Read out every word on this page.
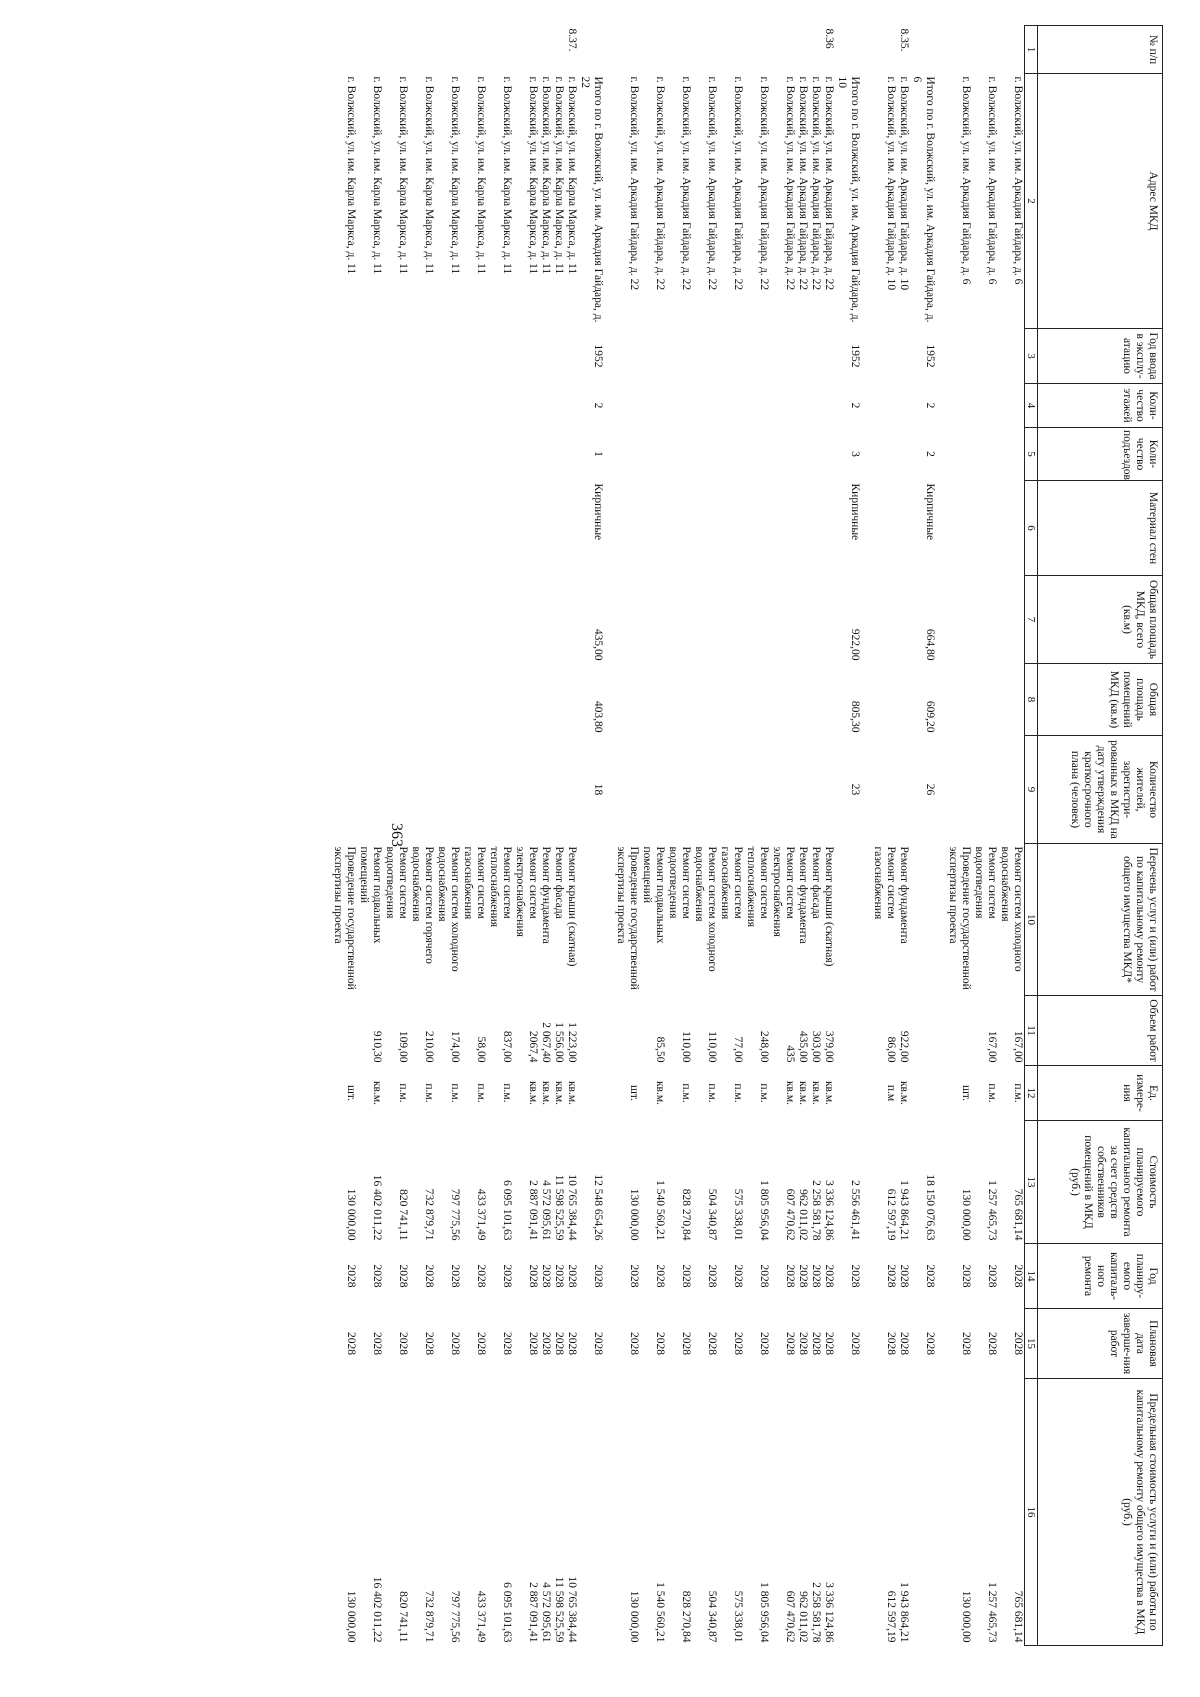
№ п/п	Адрес МКД	Год ввода в эксплу-атацию	Коли-чество этажей	Коли-чество подъездов	Материал стен	Общая площадь МКД, всего (кв.м)	Общая площадь помещений МКД (кв.м)	Количество жителей, зарегистри-рованных в МКД на дату утверждения краткосрочного плана (человек)	Перечень услуг и (или) работ по капитальному ремонту общего имущества МКД*	Объем работ	Ед. измере-ния	Стоимость планируемого капитального ремонта за счет средств собственников помещений в МКД (руб.)	Год планиру-емого капиталь-ного ремонта	Плановая дата заверше-ния работ	Предельная стоимость услуги и (или) работы по капитальному ремонту общего имущества в МКД (руб.)
1	2	3	4	5	6	7	8	9	10	11	12	13	14	15	16
	г. Волжский, ул. им. Аркадия Гайдара, д. 6								Ремонт систем холодного водоснабжения	167,00	п.м.	765 681,14	2028	2028	765 681,14
	г. Волжский, ул. им. Аркадия Гайдара, д. 6								Ремонт систем водоотведения	167,00	п.м.	1 257 465,73	2028	2028	1 257 465,73
	г. Волжский, ул. им. Аркадия Гайдара, д. 6								Проведение государственной экспертизы проекта		шт.	130 000,00	2028	2028	130 000,00
	Итого по г. Волжский, ул. им. Аркадия Гайдара, д. 6	1952	2	2	Кирпичные	664,80	609,20	26				18 150 076,63	2028	2028	
8.35.	г. Волжский, ул. им. Аркадия Гайдара, д. 10								Ремонт фундамента	922,00	кв.м.	1 943 864,21	2028	2028	1 943 864,21
	г. Волжский, ул. им. Аркадия Гайдара, д. 10								Ремонт систем газоснабжения	86,00	п.м	612 597,19	2028	2028	612 597,19
	Итого по г. Волжский, ул. им. Аркадия Гайдара, д. 10	1952	2	3	Кирпичные	922,00	805,30	23				2 556 461,41	2028	2028	
8.36	г. Волжский, ул. им. Аркадия Гайдара, д. 22								Ремонт крыши (скатная)	379,00	кв.м.	3 336 124,86	2028	2028	3 336 124,86
	г. Волжский, ул. им. Аркадия Гайдара, д. 22								Ремонт фасада	303,00	кв.м.	2 258 581,78	2028	2028	2 258 581,78
	г. Волжский, ул. им. Аркадия Гайдара, д. 22								Ремонт фундамента	435,00	кв.м.	962 011,02	2028	2028	962 011,02
	г. Волжский, ул. им. Аркадия Гайдара, д. 22								Ремонт систем электроснабжения	435	кв.м.	607 470,62	2028	2028	607 470,62
	г. Волжский, ул. им. Аркадия Гайдара, д. 22								Ремонт систем теплоснабжения	248,00	п.м.	1 805 956,04	2028	2028	1 805 956,04
	г. Волжский, ул. им. Аркадия Гайдара, д. 22								Ремонт систем газоснабжения	77,00	п.м.	575 338,01	2028	2028	575 338,01
	г. Волжский, ул. им. Аркадия Гайдара, д. 22								Ремонт систем холодного водоснабжения	110,00	п.м.	504 340,87	2028	2028	504 340,87
	г. Волжский, ул. им. Аркадия Гайдара, д. 22								Ремонт систем водоотведения	110,00	п.м.	828 270,84	2028	2028	828 270,84
	г. Волжский, ул. им. Аркадия Гайдара, д. 22								Ремонт подвальных помещений	85,50	кв.м.	1 540 560,21	2028	2028	1 540 560,21
	г. Волжский, ул. им. Аркадия Гайдара, д. 22								Проведение государственной экспертизы проекта		шт.	130 000,00	2028	2028	130 000,00
	Итого по г. Волжский, ул. им. Аркадия Гайдара, д. 22	1952	2	1	Кирпичные	435,00	403,80	18				12 548 654,26	2028	2028	
8.37.	г. Волжский, ул. им. Карла Маркса, д. 11								Ремонт крыши (скатная)	1 223,00	кв.м.	10 765 384,44	2028	2028	10 765 384,44
	г. Волжский, ул. им. Карла Маркса, д. 11								Ремонт фасада	1 556,00	кв.м.	11 598 525,59	2028	2028	11 598 525,59
	г. Волжский, ул. им. Карла Маркса, д. 11								Ремонт фундамента	2 067,40	кв.м.	4 572 095,61	2028	2028	4 572 095,61
	г. Волжский, ул. им. Карла Маркса, д. 11								Ремонт систем электроснабжения	2067,4	кв.м.	2 887 091,41	2028	2028	2 887 091,41
	г. Волжский, ул. им. Карла Маркса, д. 11								Ремонт систем теплоснабжения	837,00	п.м.	6 095 101,63	2028	2028	6 095 101,63
	г. Волжский, ул. им. Карла Маркса, д. 11								Ремонт систем газоснабжения	58,00	п.м.	433 371,49	2028	2028	433 371,49
	г. Волжский, ул. им. Карла Маркса, д. 11								Ремонт систем холодного водоснабжения	174,00	п.м.	797 775,56	2028	2028	797 775,56
	г. Волжский, ул. им. Карла Маркса, д. 11								Ремонт систем горячего водоснабжения	210,00	п.м.	732 879,71	2028	2028	732 879,71
	г. Волжский, ул. им. Карла Маркса, д. 11								Ремонт систем водоотведения	109,00	п.м.	820 741,11	2028	2028	820 741,11
	г. Волжский, ул. им. Карла Маркса, д. 11								Ремонт подвальных помещений	910,30	кв.м.	16 402 011,22	2028	2028	16 402 011,22
	г. Волжский, ул. им. Карла Маркса, д. 11								Проведение государственной экспертизы проекта		шт.	130 000,00	2028	2028	130 000,00
363
